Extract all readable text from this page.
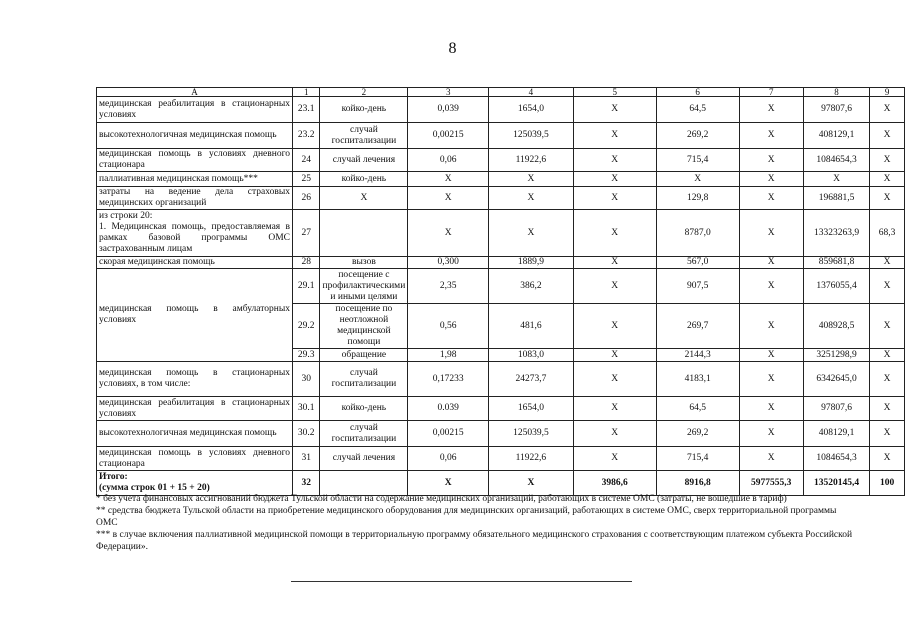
8
A	1	2	3	4	5	6	7	8	9
медицинская реабилитация в стационарных условиях	23.1	койко-день	0,039	1654,0	X	64,5	X	97807,6	X
высокотехнологичная медицинская помощь	23.2	случай госпитализации	0,00215	125039,5	X	269,2	X	408129,1	X
медицинская помощь в условиях дневного стационара	24	случай лечения	0,06	11922,6	X	715,4	X	1084654,3	X
паллиативная медицинская помощь***	25	койко-день	X	X	X	X	X	X	X
затраты на ведение дела страховых медицинских организаций	26	X	X	X	X	129,8	X	196881,5	X

из строки 20:
1. Медицинская помощь, предоставляемая в рамках базовой программы ОМС застрахованным лицам	27		X	X	X	8787,0	X	13323263,9	68,3
скорая медицинская помощь	28	вызов	0,300	1889,9	X	567,0	X	859681,8	X
медицинская помощь в амбулаторных условиях	29.1	посещение с профилактическими и иными целями	2,35	386,2	X	907,5	X	1376055,4	X
	29.2	посещение по неотложной медицинской помощи	0,56	481,6	X	269,7	X	408928,5	X
	29.3	обращение	1,98	1083,0	X	2144,3	X	3251298,9	X
медицинская помощь в стационарных условиях, в том числе:	30	случай госпитализации	0,17233	24273,7	X	4183,1	X	6342645,0	X
медицинская реабилитация в стационарных условиях	30.1	койко-день	0.039	1654,0	X	64,5	X	97807,6	X
высокотехнологичная медицинская помощь	30.2	случай госпитализации	0,00215	125039,5	X	269,2	X	408129,1	X
медицинская помощь в условиях дневного стационара	31	случай лечения	0,06	11922,6	X	715,4	X	1084654,3	X

Итого:
(сумма строк 01 + 15 + 20)	32		X	X	3986,6	8916,8	5977555,3	13520145,4	100
* без учета финансовых ассигнований бюджета Тульской области на содержание медицинских организаций, работающих в системе ОМС (затраты, не вошедшие в тариф)
** средства бюджета Тульской области на приобретение медицинского оборудования для медицинских организаций, работающих в системе ОМС, сверх территориальной программы ОМС
*** в случае включения паллиативной медицинской помощи в территориальную программу обязательного медицинского страхования с соответствующим платежом субъекта Российской Федерации».
